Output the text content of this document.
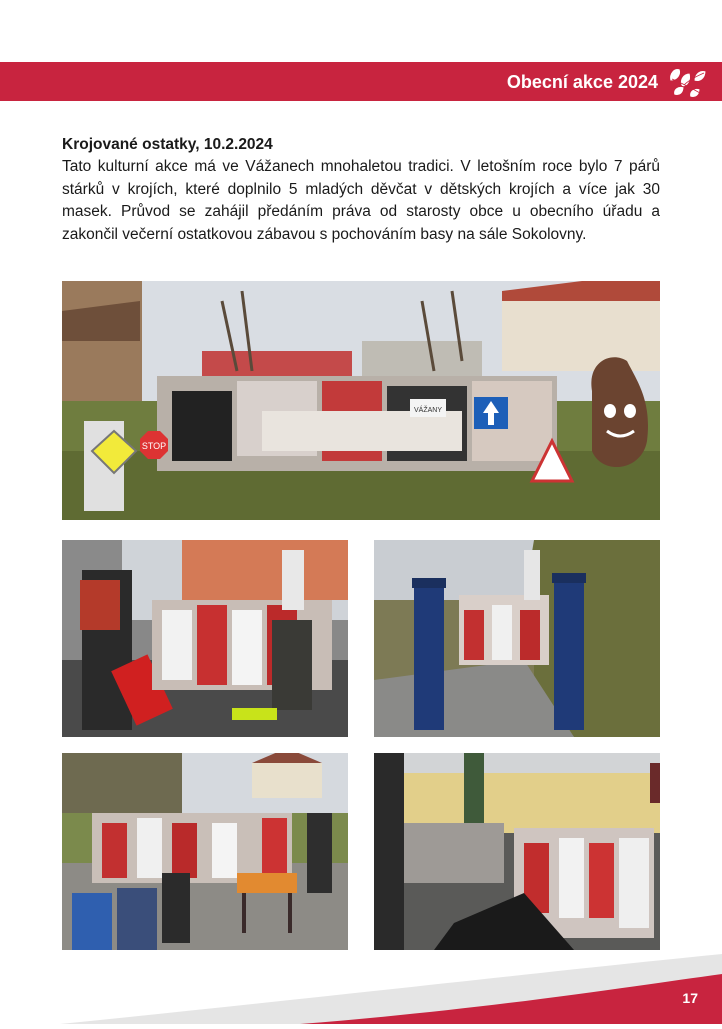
Obecní akce 2024

Krojované ostatky, 10.2.2024

Tato kulturní akce má ve Vážanech mnohaletou tradici. V letošním roce bylo 7 párů stárků v krojích, které doplnilo 5 mladých děvčat v dětských krojích a více jak 30 masek. Průvod se zahájil předáním práva od starosty obce u obecního úřadu a zakončil večerní ostatkovou zábavou s pochováním basy na sále Sokolovny.

STOP
VÁŽANY
17
